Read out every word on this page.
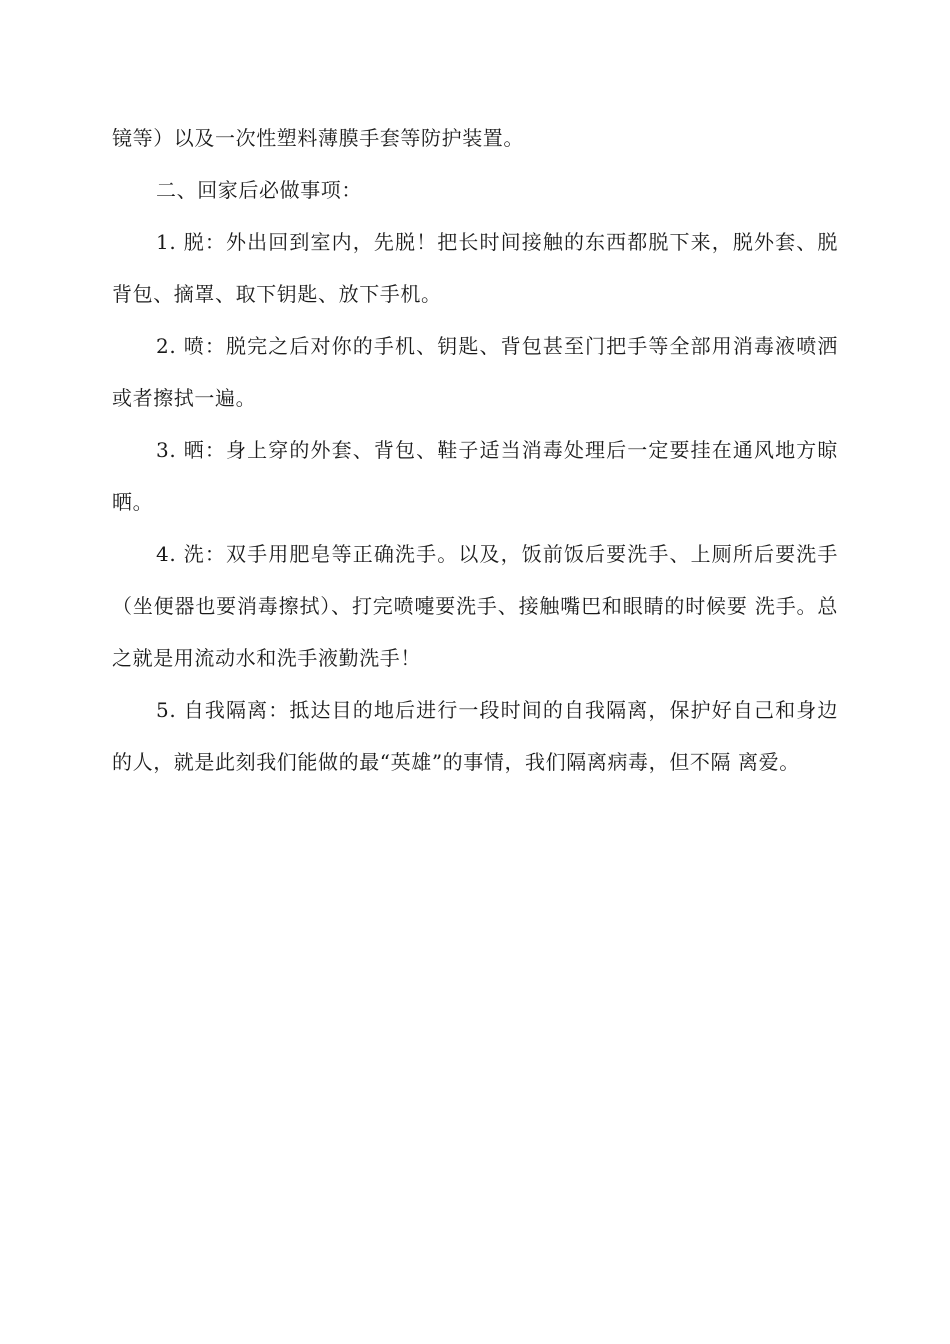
镜等）以及一次性塑料薄膜手套等防护装置。

二、回家后必做事项：

1. 脱：外出回到室内，先脱！把长时间接触的东西都脱下来，脱外套、脱背包、摘罩、取下钥匙、放下手机。

2. 喷：脱完之后对你的手机、钥匙、背包甚至门把手等全部用消毒液喷洒或者擦拭一遍。

3. 晒：身上穿的外套、背包、鞋子适当消毒处理后一定要挂在通风地方晾晒。

4. 洗：双手用肥皂等正确洗手。以及，饭前饭后要洗手、上厕所后要洗手（坐便器也要消毒擦拭）、打完喷嚏要洗手、接触嘴巴和眼睛的时候要 洗手。总之就是用流动水和洗手液勤洗手！

5. 自我隔离：抵达目的地后进行一段时间的自我隔离，保护好自己和身边的人，就是此刻我们能做的最“英雄”的事情，我们隔离病毒，但不隔 离爱。
